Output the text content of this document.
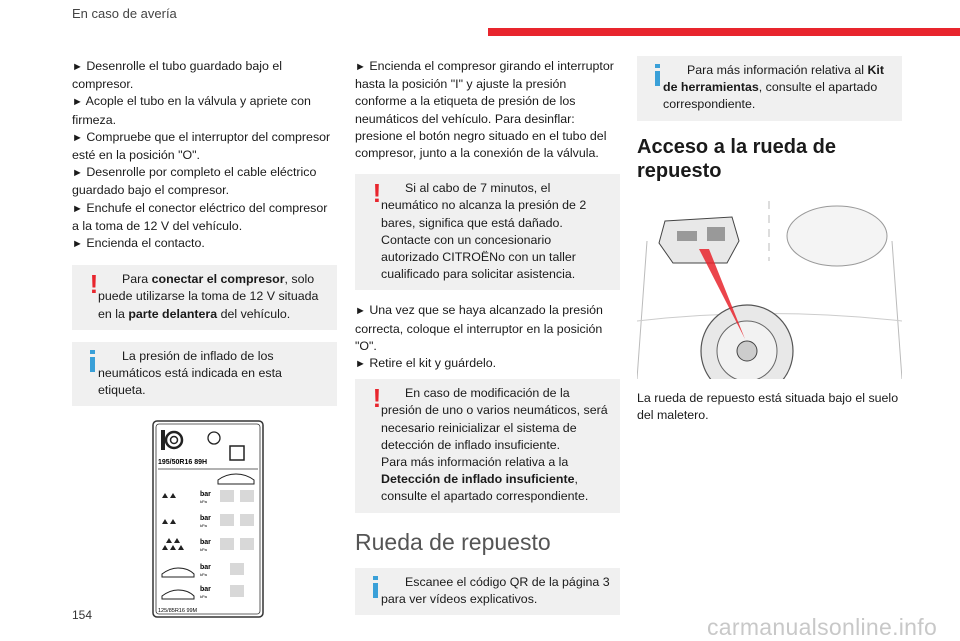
En caso de avería

► Desenrolle el tubo guardado bajo el compresor.

► Acople el tubo en la válvula y apriete con firmeza.

► Compruebe que el interruptor del compresor esté en la posición "O".

► Desenrolle por completo el cable eléctrico guardado bajo el compresor.

► Enchufe el conector eléctrico del compresor a la toma de 12 V del vehículo.

► Encienda el contacto.

!	Para conectar el compresor, solo puede utilizarse la toma de 12 V situada en la parte delantera del vehículo.
La presión de inflado de los neumáticos está indicada en esta etiqueta.
195/50R16 89H
bar
kPa
bar
kPa
bar
kPa
bar
kPa
bar
kPa
125/85R16 99M

► Encienda el compresor girando el interruptor hasta la posición "I" y ajuste la presión conforme a la etiqueta de presión de los neumáticos del vehículo. Para desinflar: presione el botón negro situado en el tubo del compresor, junto a la conexión de la válvula.

!	Si al cabo de 7 minutos, el neumático no alcanza la presión de 2 bares, significa que está dañado. Contacte con un concesionario autorizado CITROËNo con un taller cualificado para solicitar asistencia.

► Una vez que se haya alcanzado la presión correcta, coloque el interruptor en la posición "O".

► Retire el kit y guárdelo.

!	En caso de modificación de la presión de uno o varios neumáticos, será necesario reinicializar el sistema de detección de inflado insuficiente.
Para más información relativa a la Detección de inflado insuficiente, consulte el apartado correspondiente.
Rueda de repuesto
Escanee el código QR de la página 3 para ver vídeos explicativos.
Para más información relativa al Kit de herramientas, consulte el apartado correspondiente.
Acceso a la rueda de repuesto

La rueda de repuesto está situada bajo el suelo del maletero.

154	carmanualsonline.info
